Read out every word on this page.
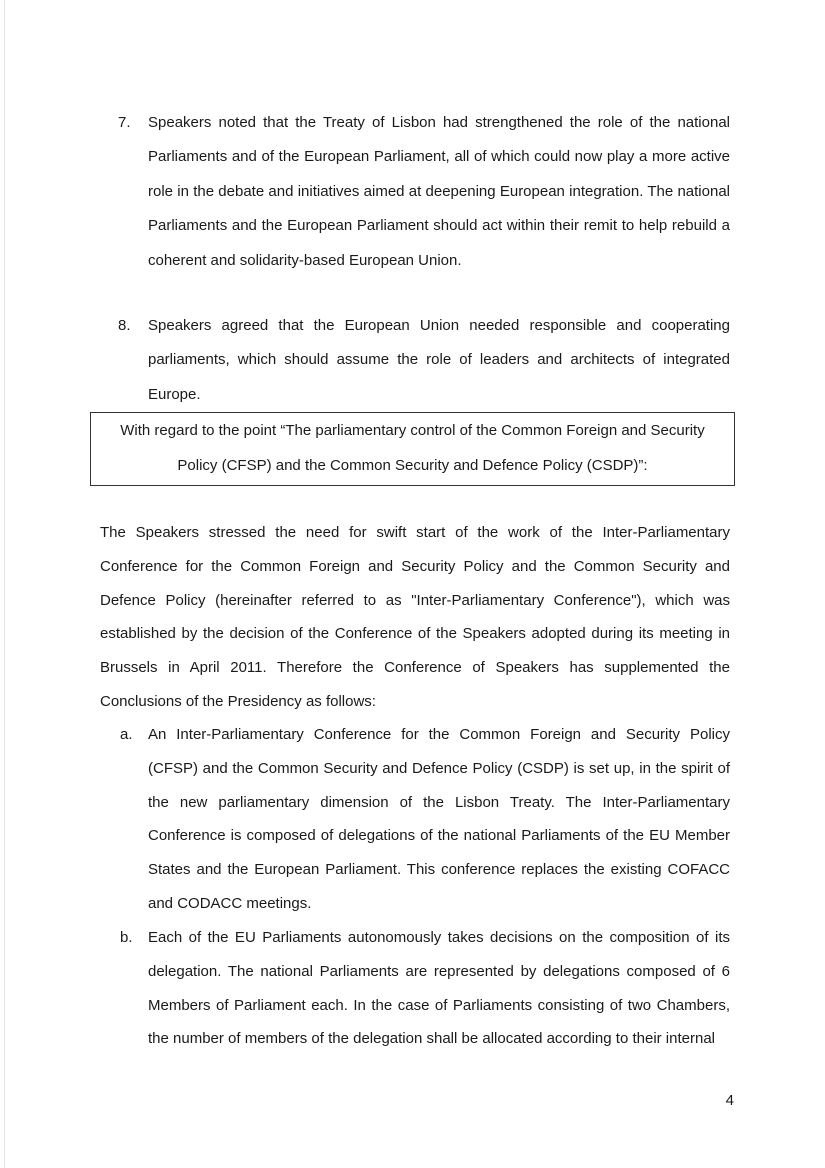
7. Speakers noted that the Treaty of Lisbon had strengthened the role of the national Parliaments and of the European Parliament, all of which could now play a more active role in the debate and initiatives aimed at deepening European integration. The national Parliaments and the European Parliament should act within their remit to help rebuild a coherent and solidarity-based European Union.
8. Speakers agreed that the European Union needed responsible and cooperating parliaments, which should assume the role of leaders and architects of integrated Europe.
With regard to the point “The parliamentary control of the Common Foreign and Security Policy (CFSP) and the Common Security and Defence Policy (CSDP)”:
The Speakers stressed the need for swift start of the work of the Inter-Parliamentary Conference for the Common Foreign and Security Policy and the Common Security and Defence Policy (hereinafter referred to as "Inter-Parliamentary Conference"), which was established by the decision of the Conference of the Speakers adopted during its meeting in Brussels in April 2011. Therefore the Conference of Speakers has supplemented the Conclusions of the Presidency as follows:
a. An Inter-Parliamentary Conference for the Common Foreign and Security Policy (CFSP) and the Common Security and Defence Policy (CSDP) is set up, in the spirit of the new parliamentary dimension of the Lisbon Treaty. The Inter-Parliamentary Conference is composed of delegations of the national Parliaments of the EU Member States and the European Parliament. This conference replaces the existing COFACC and CODACC meetings.
b. Each of the EU Parliaments autonomously takes decisions on the composition of its delegation. The national Parliaments are represented by delegations composed of 6 Members of Parliament each. In the case of Parliaments consisting of two Chambers, the number of members of the delegation shall be allocated according to their internal
4
